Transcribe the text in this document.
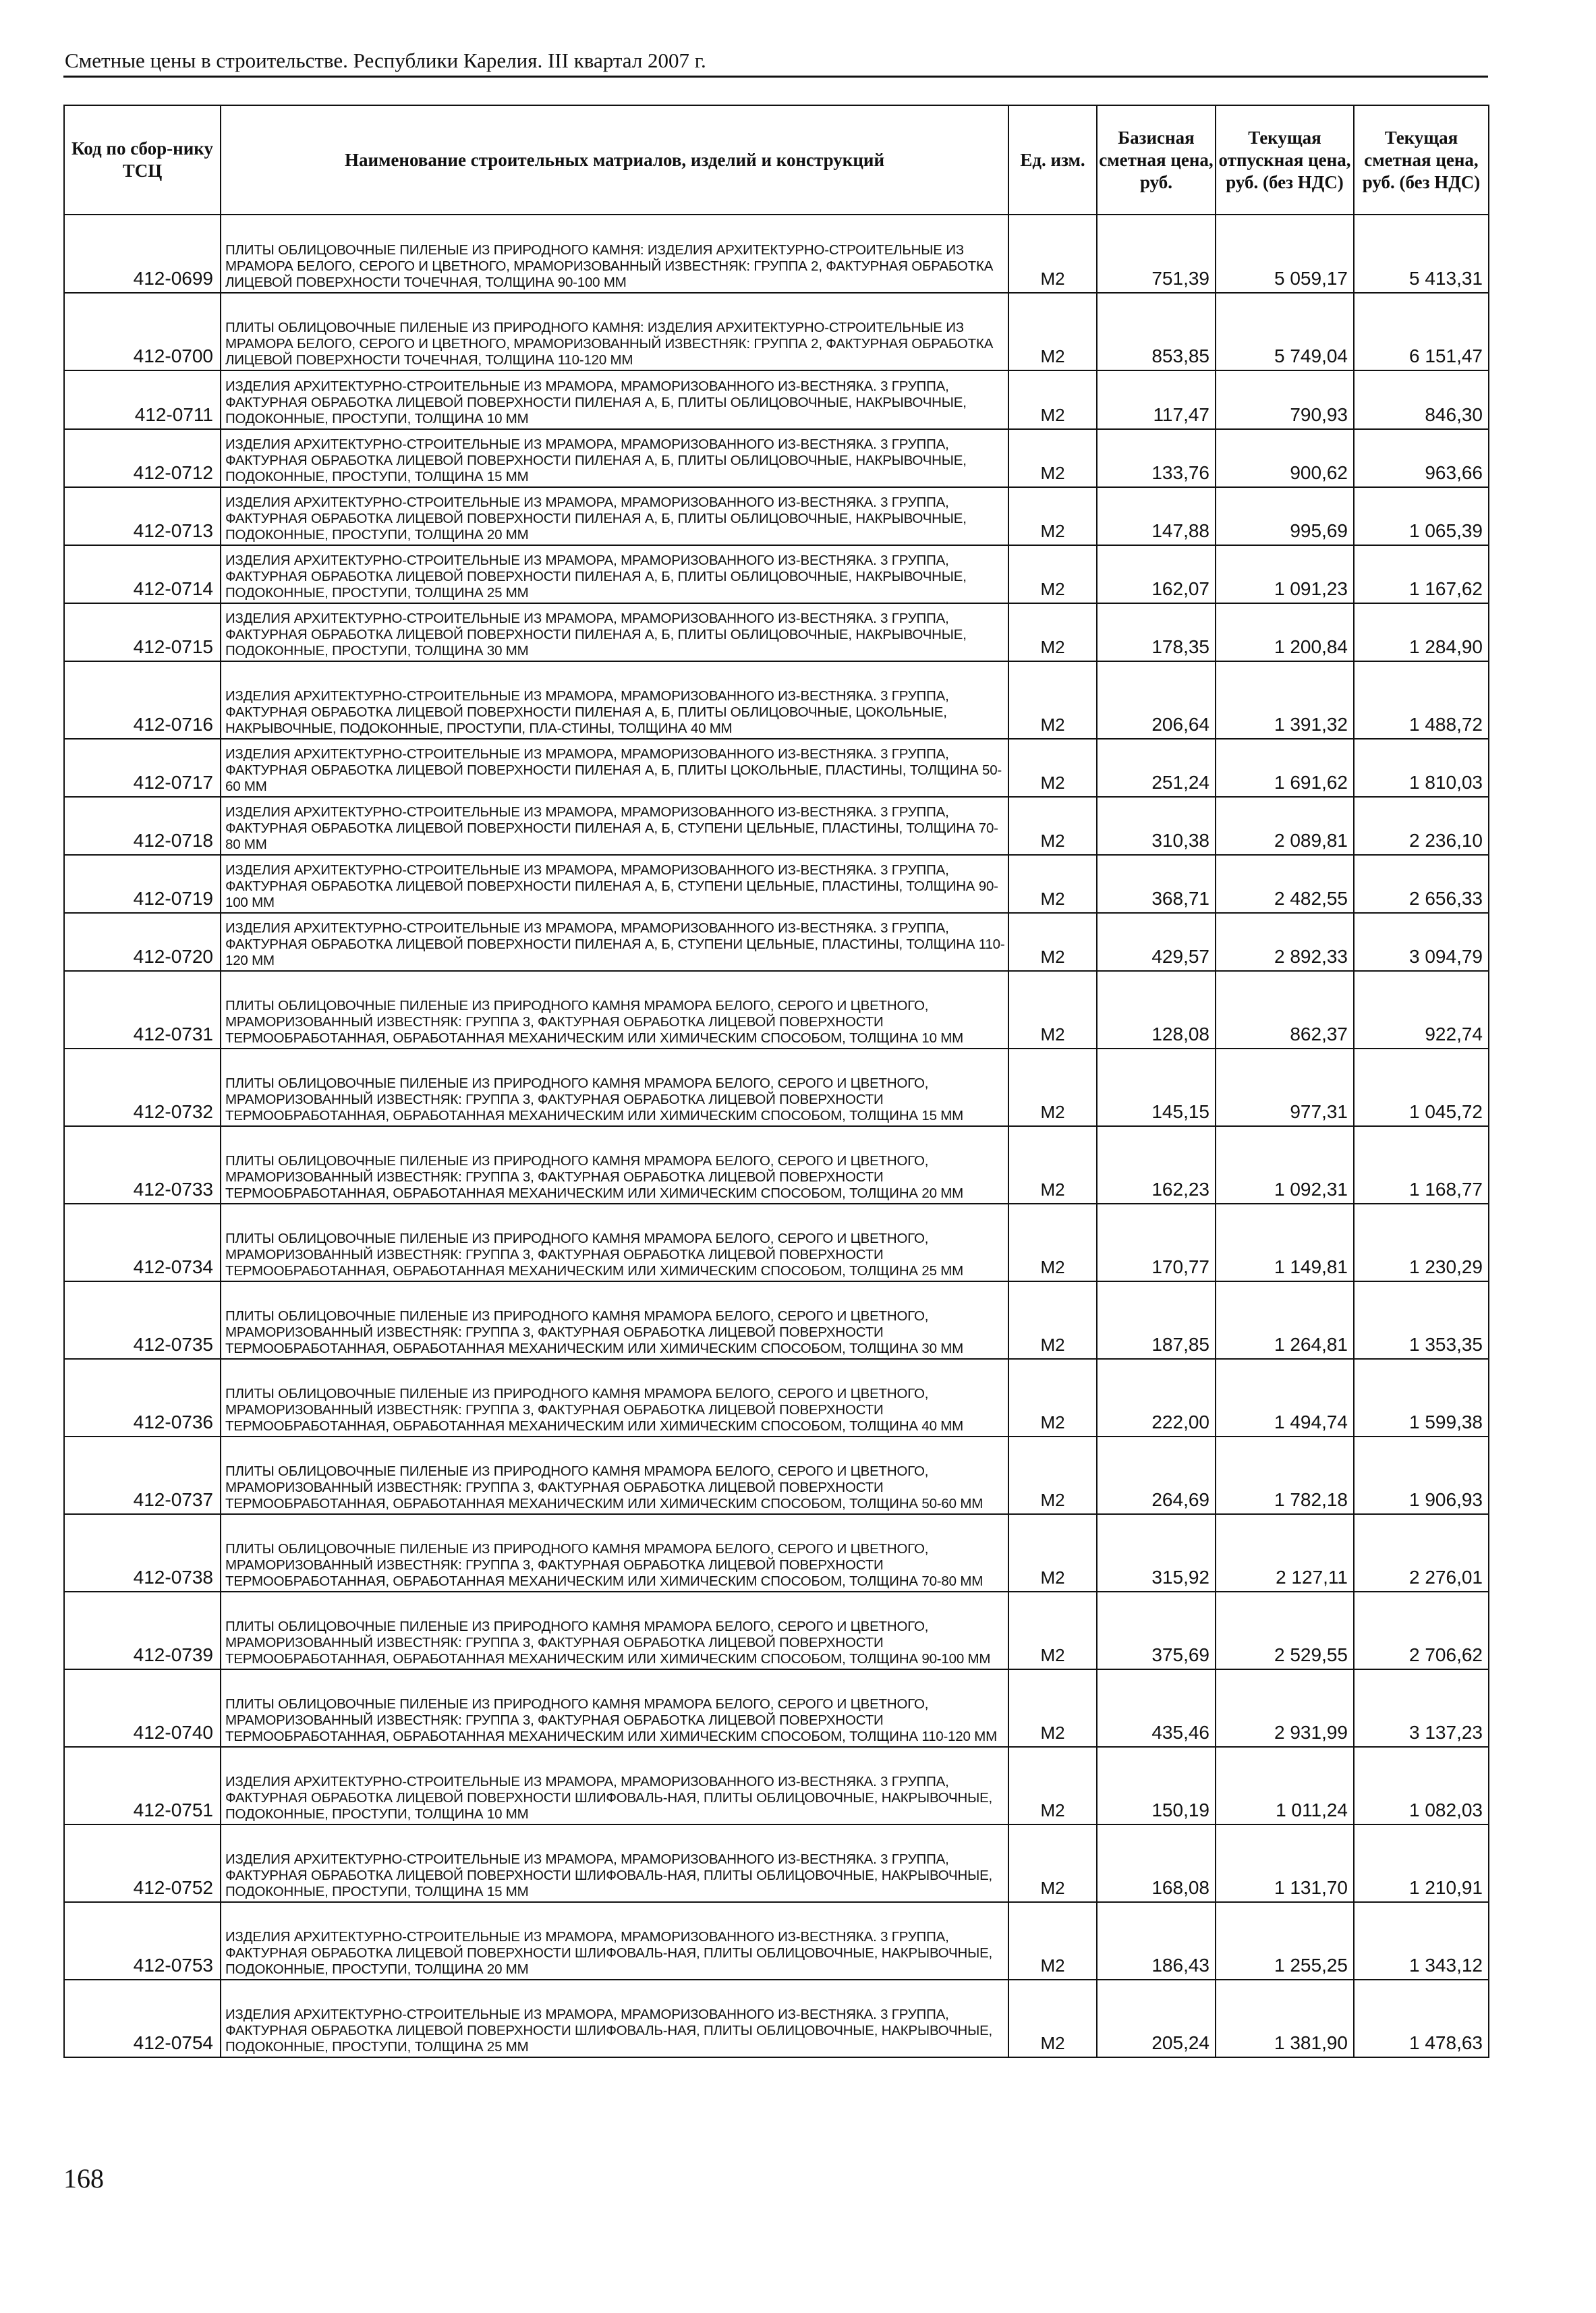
Сметные цены в строительстве. Республики Карелия. III квартал 2007 г.
Код по сбор-нику ТСЦ	Наименование строительных матриалов, изделий и конструкций	Ед. изм.	Базисная сметная цена, руб.	Текущая отпускная цена, руб. (без НДС)	Текущая сметная цена, руб. (без НДС)
412-0699	ПЛИТЫ ОБЛИЦОВОЧНЫЕ ПИЛЕНЫЕ ИЗ ПРИРОДНОГО КАМНЯ: ИЗДЕЛИЯ АРХИТЕКТУРНО-СТРОИТЕЛЬНЫЕ ИЗ МРАМОРА БЕЛОГО, СЕРОГО И ЦВЕТНОГО, МРАМОРИЗОВАННЫЙ ИЗВЕСТНЯК: ГРУППА 2, ФАКТУРНАЯ ОБРАБОТКА ЛИЦЕВОЙ ПОВЕРХНОСТИ ТОЧЕЧНАЯ, ТОЛЩИНА 90-100 ММ	М2	751,39	5 059,17	5 413,31
412-0700	ПЛИТЫ ОБЛИЦОВОЧНЫЕ ПИЛЕНЫЕ ИЗ ПРИРОДНОГО КАМНЯ: ИЗДЕЛИЯ АРХИТЕКТУРНО-СТРОИТЕЛЬНЫЕ ИЗ МРАМОРА БЕЛОГО, СЕРОГО И ЦВЕТНОГО, МРАМОРИЗОВАННЫЙ ИЗВЕСТНЯК: ГРУППА 2, ФАКТУРНАЯ ОБРАБОТКА ЛИЦЕВОЙ ПОВЕРХНОСТИ ТОЧЕЧНАЯ, ТОЛЩИНА 110-120 ММ	М2	853,85	5 749,04	6 151,47
412-0711	ИЗДЕЛИЯ АРХИТЕКТУРНО-СТРОИТЕЛЬНЫЕ ИЗ МРАМОРА, МРАМОРИЗОВАННОГО ИЗ-ВЕСТНЯКА. 3 ГРУППА, ФАКТУРНАЯ ОБРАБОТКА ЛИЦЕВОЙ ПОВЕРХНОСТИ ПИЛЕНАЯ А, Б, ПЛИТЫ ОБЛИЦОВОЧНЫЕ, НАКРЫВОЧНЫЕ, ПОДОКОННЫЕ, ПРОСТУПИ, ТОЛЩИНА 10 ММ	М2	117,47	790,93	846,30
412-0712	ИЗДЕЛИЯ АРХИТЕКТУРНО-СТРОИТЕЛЬНЫЕ ИЗ МРАМОРА, МРАМОРИЗОВАННОГО ИЗ-ВЕСТНЯКА. 3 ГРУППА, ФАКТУРНАЯ ОБРАБОТКА ЛИЦЕВОЙ ПОВЕРХНОСТИ ПИЛЕНАЯ А, Б, ПЛИТЫ ОБЛИЦОВОЧНЫЕ, НАКРЫВОЧНЫЕ, ПОДОКОННЫЕ, ПРОСТУПИ, ТОЛЩИНА 15 ММ	М2	133,76	900,62	963,66
412-0713	ИЗДЕЛИЯ АРХИТЕКТУРНО-СТРОИТЕЛЬНЫЕ ИЗ МРАМОРА, МРАМОРИЗОВАННОГО ИЗ-ВЕСТНЯКА. 3 ГРУППА, ФАКТУРНАЯ ОБРАБОТКА ЛИЦЕВОЙ ПОВЕРХНОСТИ ПИЛЕНАЯ А, Б, ПЛИТЫ ОБЛИЦОВОЧНЫЕ, НАКРЫВОЧНЫЕ, ПОДОКОННЫЕ, ПРОСТУПИ, ТОЛЩИНА 20 ММ	М2	147,88	995,69	1 065,39
412-0714	ИЗДЕЛИЯ АРХИТЕКТУРНО-СТРОИТЕЛЬНЫЕ ИЗ МРАМОРА, МРАМОРИЗОВАННОГО ИЗ-ВЕСТНЯКА. 3 ГРУППА, ФАКТУРНАЯ ОБРАБОТКА ЛИЦЕВОЙ ПОВЕРХНОСТИ ПИЛЕНАЯ А, Б, ПЛИТЫ ОБЛИЦОВОЧНЫЕ, НАКРЫВОЧНЫЕ, ПОДОКОННЫЕ, ПРОСТУПИ, ТОЛЩИНА 25 ММ	М2	162,07	1 091,23	1 167,62
412-0715	ИЗДЕЛИЯ АРХИТЕКТУРНО-СТРОИТЕЛЬНЫЕ ИЗ МРАМОРА, МРАМОРИЗОВАННОГО ИЗ-ВЕСТНЯКА. 3 ГРУППА, ФАКТУРНАЯ ОБРАБОТКА ЛИЦЕВОЙ ПОВЕРХНОСТИ ПИЛЕНАЯ А, Б, ПЛИТЫ ОБЛИЦОВОЧНЫЕ, НАКРЫВОЧНЫЕ, ПОДОКОННЫЕ, ПРОСТУПИ, ТОЛЩИНА 30 ММ	М2	178,35	1 200,84	1 284,90
412-0716	ИЗДЕЛИЯ АРХИТЕКТУРНО-СТРОИТЕЛЬНЫЕ ИЗ МРАМОРА, МРАМОРИЗОВАННОГО ИЗ-ВЕСТНЯКА. 3 ГРУППА, ФАКТУРНАЯ ОБРАБОТКА ЛИЦЕВОЙ ПОВЕРХНОСТИ ПИЛЕНАЯ А, Б, ПЛИТЫ ОБЛИЦОВОЧНЫЕ, ЦОКОЛЬНЫЕ, НАКРЫВОЧНЫЕ, ПОДОКОННЫЕ, ПРОСТУПИ, ПЛА-СТИНЫ, ТОЛЩИНА 40 ММ	М2	206,64	1 391,32	1 488,72
412-0717	ИЗДЕЛИЯ АРХИТЕКТУРНО-СТРОИТЕЛЬНЫЕ ИЗ МРАМОРА, МРАМОРИЗОВАННОГО ИЗ-ВЕСТНЯКА. 3 ГРУППА, ФАКТУРНАЯ ОБРАБОТКА ЛИЦЕВОЙ ПОВЕРХНОСТИ ПИЛЕНАЯ А, Б, ПЛИТЫ ЦОКОЛЬНЫЕ, ПЛАСТИНЫ, ТОЛЩИНА 50-60 ММ	М2	251,24	1 691,62	1 810,03
412-0718	ИЗДЕЛИЯ АРХИТЕКТУРНО-СТРОИТЕЛЬНЫЕ ИЗ МРАМОРА, МРАМОРИЗОВАННОГО ИЗ-ВЕСТНЯКА. 3 ГРУППА, ФАКТУРНАЯ ОБРАБОТКА ЛИЦЕВОЙ ПОВЕРХНОСТИ ПИЛЕНАЯ А, Б, СТУПЕНИ ЦЕЛЬНЫЕ, ПЛАСТИНЫ, ТОЛЩИНА 70-80 ММ	М2	310,38	2 089,81	2 236,10
412-0719	ИЗДЕЛИЯ АРХИТЕКТУРНО-СТРОИТЕЛЬНЫЕ ИЗ МРАМОРА, МРАМОРИЗОВАННОГО ИЗ-ВЕСТНЯКА. 3 ГРУППА, ФАКТУРНАЯ ОБРАБОТКА ЛИЦЕВОЙ ПОВЕРХНОСТИ ПИЛЕНАЯ А, Б, СТУПЕНИ ЦЕЛЬНЫЕ, ПЛАСТИНЫ, ТОЛЩИНА 90-100 ММ	М2	368,71	2 482,55	2 656,33
412-0720	ИЗДЕЛИЯ АРХИТЕКТУРНО-СТРОИТЕЛЬНЫЕ ИЗ МРАМОРА, МРАМОРИЗОВАННОГО ИЗ-ВЕСТНЯКА. 3 ГРУППА, ФАКТУРНАЯ ОБРАБОТКА ЛИЦЕВОЙ ПОВЕРХНОСТИ ПИЛЕНАЯ А, Б, СТУПЕНИ ЦЕЛЬНЫЕ, ПЛАСТИНЫ, ТОЛЩИНА 110-120 ММ	М2	429,57	2 892,33	3 094,79
412-0731	ПЛИТЫ ОБЛИЦОВОЧНЫЕ ПИЛЕНЫЕ ИЗ ПРИРОДНОГО КАМНЯ МРАМОРА БЕЛОГО, СЕРОГО И ЦВЕТНОГО, МРАМОРИЗОВАННЫЙ ИЗВЕСТНЯК: ГРУППА 3, ФАКТУРНАЯ ОБРАБОТКА ЛИЦЕВОЙ ПОВЕРХНОСТИ ТЕРМООБРАБОТАННАЯ, ОБРАБОТАННАЯ МЕХАНИЧЕСКИМ ИЛИ ХИМИЧЕСКИМ СПОСОБОМ, ТОЛЩИНА 10 ММ	М2	128,08	862,37	922,74
412-0732	ПЛИТЫ ОБЛИЦОВОЧНЫЕ ПИЛЕНЫЕ ИЗ ПРИРОДНОГО КАМНЯ МРАМОРА БЕЛОГО, СЕРОГО И ЦВЕТНОГО, МРАМОРИЗОВАННЫЙ ИЗВЕСТНЯК: ГРУППА 3, ФАКТУРНАЯ ОБРАБОТКА ЛИЦЕВОЙ ПОВЕРХНОСТИ ТЕРМООБРАБОТАННАЯ, ОБРАБОТАННАЯ МЕХАНИЧЕСКИМ ИЛИ ХИМИЧЕСКИМ СПОСОБОМ, ТОЛЩИНА 15 ММ	М2	145,15	977,31	1 045,72
412-0733	ПЛИТЫ ОБЛИЦОВОЧНЫЕ ПИЛЕНЫЕ ИЗ ПРИРОДНОГО КАМНЯ МРАМОРА БЕЛОГО, СЕРОГО И ЦВЕТНОГО, МРАМОРИЗОВАННЫЙ ИЗВЕСТНЯК: ГРУППА 3, ФАКТУРНАЯ ОБРАБОТКА ЛИЦЕВОЙ ПОВЕРХНОСТИ ТЕРМООБРАБОТАННАЯ, ОБРАБОТАННАЯ МЕХАНИЧЕСКИМ ИЛИ ХИМИЧЕСКИМ СПОСОБОМ, ТОЛЩИНА 20 ММ	М2	162,23	1 092,31	1 168,77
412-0734	ПЛИТЫ ОБЛИЦОВОЧНЫЕ ПИЛЕНЫЕ ИЗ ПРИРОДНОГО КАМНЯ МРАМОРА БЕЛОГО, СЕРОГО И ЦВЕТНОГО, МРАМОРИЗОВАННЫЙ ИЗВЕСТНЯК: ГРУППА 3, ФАКТУРНАЯ ОБРАБОТКА ЛИЦЕВОЙ ПОВЕРХНОСТИ ТЕРМООБРАБОТАННАЯ, ОБРАБОТАННАЯ МЕХАНИЧЕСКИМ ИЛИ ХИМИЧЕСКИМ СПОСОБОМ, ТОЛЩИНА 25 ММ	М2	170,77	1 149,81	1 230,29
412-0735	ПЛИТЫ ОБЛИЦОВОЧНЫЕ ПИЛЕНЫЕ ИЗ ПРИРОДНОГО КАМНЯ МРАМОРА БЕЛОГО, СЕРОГО И ЦВЕТНОГО, МРАМОРИЗОВАННЫЙ ИЗВЕСТНЯК: ГРУППА 3, ФАКТУРНАЯ ОБРАБОТКА ЛИЦЕВОЙ ПОВЕРХНОСТИ ТЕРМООБРАБОТАННАЯ, ОБРАБОТАННАЯ МЕХАНИЧЕСКИМ ИЛИ ХИМИЧЕСКИМ СПОСОБОМ, ТОЛЩИНА 30 ММ	М2	187,85	1 264,81	1 353,35
412-0736	ПЛИТЫ ОБЛИЦОВОЧНЫЕ ПИЛЕНЫЕ ИЗ ПРИРОДНОГО КАМНЯ МРАМОРА БЕЛОГО, СЕРОГО И ЦВЕТНОГО, МРАМОРИЗОВАННЫЙ ИЗВЕСТНЯК: ГРУППА 3, ФАКТУРНАЯ ОБРАБОТКА ЛИЦЕВОЙ ПОВЕРХНОСТИ ТЕРМООБРАБОТАННАЯ, ОБРАБОТАННАЯ МЕХАНИЧЕСКИМ ИЛИ ХИМИЧЕСКИМ СПОСОБОМ, ТОЛЩИНА 40 ММ	М2	222,00	1 494,74	1 599,38
412-0737	ПЛИТЫ ОБЛИЦОВОЧНЫЕ ПИЛЕНЫЕ ИЗ ПРИРОДНОГО КАМНЯ МРАМОРА БЕЛОГО, СЕРОГО И ЦВЕТНОГО, МРАМОРИЗОВАННЫЙ ИЗВЕСТНЯК: ГРУППА 3, ФАКТУРНАЯ ОБРАБОТКА ЛИЦЕВОЙ ПОВЕРХНОСТИ ТЕРМООБРАБОТАННАЯ, ОБРАБОТАННАЯ МЕХАНИЧЕСКИМ ИЛИ ХИМИЧЕСКИМ СПОСОБОМ, ТОЛЩИНА 50-60 ММ	М2	264,69	1 782,18	1 906,93
412-0738	ПЛИТЫ ОБЛИЦОВОЧНЫЕ ПИЛЕНЫЕ ИЗ ПРИРОДНОГО КАМНЯ МРАМОРА БЕЛОГО, СЕРОГО И ЦВЕТНОГО, МРАМОРИЗОВАННЫЙ ИЗВЕСТНЯК: ГРУППА 3, ФАКТУРНАЯ ОБРАБОТКА ЛИЦЕВОЙ ПОВЕРХНОСТИ ТЕРМООБРАБОТАННАЯ, ОБРАБОТАННАЯ МЕХАНИЧЕСКИМ ИЛИ ХИМИЧЕСКИМ СПОСОБОМ, ТОЛЩИНА 70-80 ММ	М2	315,92	2 127,11	2 276,01
412-0739	ПЛИТЫ ОБЛИЦОВОЧНЫЕ ПИЛЕНЫЕ ИЗ ПРИРОДНОГО КАМНЯ МРАМОРА БЕЛОГО, СЕРОГО И ЦВЕТНОГО, МРАМОРИЗОВАННЫЙ ИЗВЕСТНЯК: ГРУППА 3, ФАКТУРНАЯ ОБРАБОТКА ЛИЦЕВОЙ ПОВЕРХНОСТИ ТЕРМООБРАБОТАННАЯ, ОБРАБОТАННАЯ МЕХАНИЧЕСКИМ ИЛИ ХИМИЧЕСКИМ СПОСОБОМ, ТОЛЩИНА 90-100 ММ	М2	375,69	2 529,55	2 706,62
412-0740	ПЛИТЫ ОБЛИЦОВОЧНЫЕ ПИЛЕНЫЕ ИЗ ПРИРОДНОГО КАМНЯ МРАМОРА БЕЛОГО, СЕРОГО И ЦВЕТНОГО, МРАМОРИЗОВАННЫЙ ИЗВЕСТНЯК: ГРУППА 3, ФАКТУРНАЯ ОБРАБОТКА ЛИЦЕВОЙ ПОВЕРХНОСТИ ТЕРМООБРАБОТАННАЯ, ОБРАБОТАННАЯ МЕХАНИЧЕСКИМ ИЛИ ХИМИЧЕСКИМ СПОСОБОМ, ТОЛЩИНА 110-120 ММ	М2	435,46	2 931,99	3 137,23
412-0751	ИЗДЕЛИЯ АРХИТЕКТУРНО-СТРОИТЕЛЬНЫЕ ИЗ МРАМОРА, МРАМОРИЗОВАННОГО ИЗ-ВЕСТНЯКА. 3 ГРУППА, ФАКТУРНАЯ ОБРАБОТКА ЛИЦЕВОЙ ПОВЕРХНОСТИ ШЛИФОВАЛЬ-НАЯ, ПЛИТЫ ОБЛИЦОВОЧНЫЕ, НАКРЫВОЧНЫЕ, ПОДОКОННЫЕ, ПРОСТУПИ, ТОЛЩИНА 10 ММ	М2	150,19	1 011,24	1 082,03
412-0752	ИЗДЕЛИЯ АРХИТЕКТУРНО-СТРОИТЕЛЬНЫЕ ИЗ МРАМОРА, МРАМОРИЗОВАННОГО ИЗ-ВЕСТНЯКА. 3 ГРУППА, ФАКТУРНАЯ ОБРАБОТКА ЛИЦЕВОЙ ПОВЕРХНОСТИ ШЛИФОВАЛЬ-НАЯ, ПЛИТЫ ОБЛИЦОВОЧНЫЕ, НАКРЫВОЧНЫЕ, ПОДОКОННЫЕ, ПРОСТУПИ, ТОЛЩИНА 15 ММ	М2	168,08	1 131,70	1 210,91
412-0753	ИЗДЕЛИЯ АРХИТЕКТУРНО-СТРОИТЕЛЬНЫЕ ИЗ МРАМОРА, МРАМОРИЗОВАННОГО ИЗ-ВЕСТНЯКА. 3 ГРУППА, ФАКТУРНАЯ ОБРАБОТКА ЛИЦЕВОЙ ПОВЕРХНОСТИ ШЛИФОВАЛЬ-НАЯ, ПЛИТЫ ОБЛИЦОВОЧНЫЕ, НАКРЫВОЧНЫЕ, ПОДОКОННЫЕ, ПРОСТУПИ, ТОЛЩИНА 20 ММ	М2	186,43	1 255,25	1 343,12
412-0754	ИЗДЕЛИЯ АРХИТЕКТУРНО-СТРОИТЕЛЬНЫЕ ИЗ МРАМОРА, МРАМОРИЗОВАННОГО ИЗ-ВЕСТНЯКА. 3 ГРУППА, ФАКТУРНАЯ ОБРАБОТКА ЛИЦЕВОЙ ПОВЕРХНОСТИ ШЛИФОВАЛЬ-НАЯ, ПЛИТЫ ОБЛИЦОВОЧНЫЕ, НАКРЫВОЧНЫЕ, ПОДОКОННЫЕ, ПРОСТУПИ, ТОЛЩИНА 25 ММ	М2	205,24	1 381,90	1 478,63
168
